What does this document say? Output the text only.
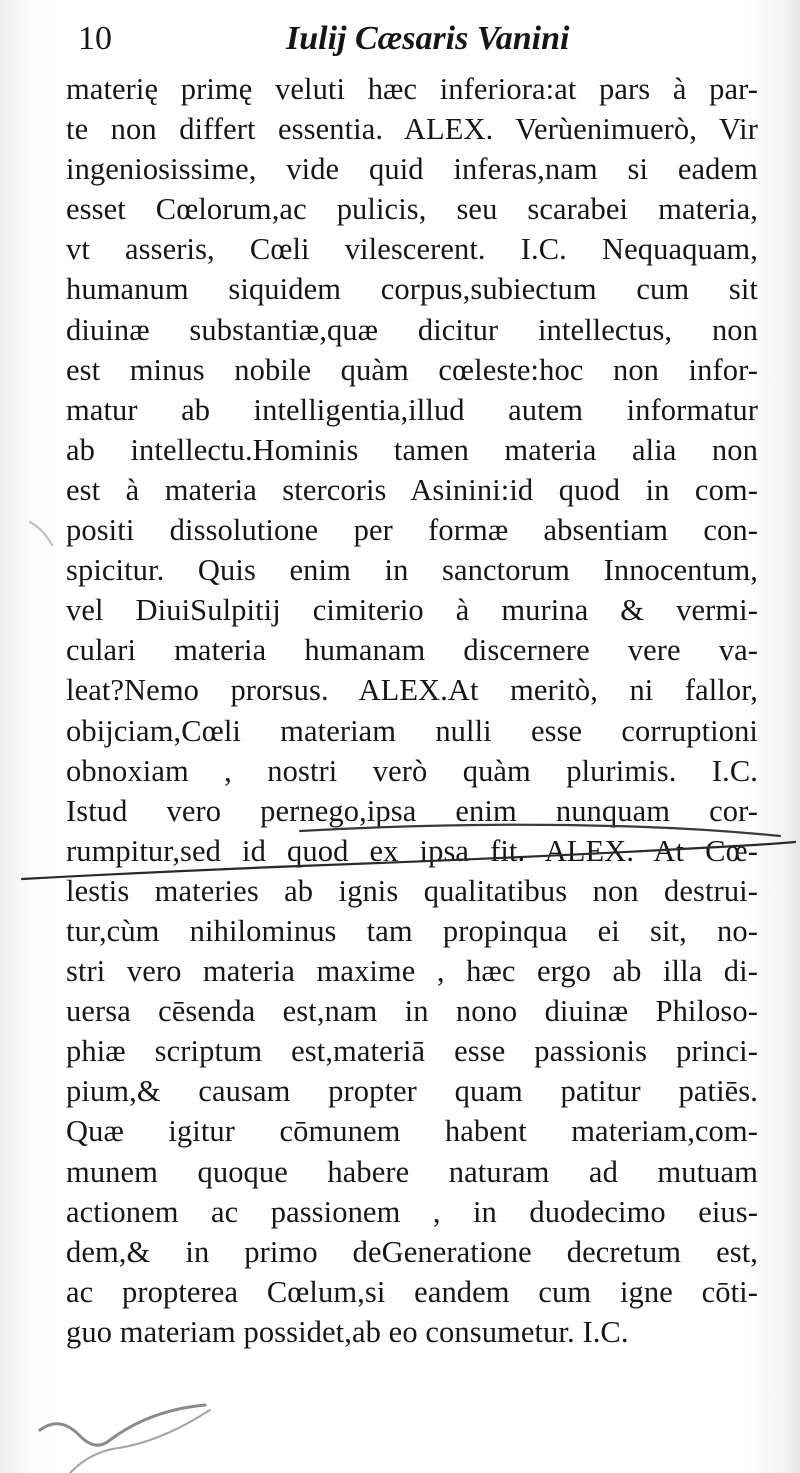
10	Iulij Cæsaris Vanini
materię primę veluti hæc inferiora:at pars à par-
te non differt essentia. ALEX. Verùenimuerò, Vir
ingeniosissime, vide quid inferas,nam si eadem
esset Cœlorum,ac pulicis, seu scarabei materia,
vt asseris, Cœli vilescerent. I.C. Nequaquam,
humanum siquidem corpus,subiectum cum sit
diuinæ substantiæ,quæ dicitur intellectus, non
est minus nobile quàm cœleste:hoc non infor-
matur ab intelligentia,illud autem informatur
ab intellectu.Hominis tamen materia alia non
est à materia stercoris Asinini:id quod in com-
positi dissolutione per formæ absentiam con-
spicitur. Quis enim in sanctorum Innocentum,
vel DiuiSulpitij cimiterio à murina & vermi-
culari materia humanam discernere vere va-
leat?Nemo prorsus. ALEX.At meritò, ni fallor,
obijciam,Cœli materiam nulli esse corruptioni
obnoxiam , nostri verò quàm plurimis. I.C.
Istud vero pernego,ipsa enim nunquam cor-
rumpitur,sed id quod ex ipsa fit. ALEX. At Cœ-
lestis materies ab ignis qualitatibus non destrui-
tur,cùm nihilominus tam propinqua ei sit, no-
stri vero materia maxime , hæc ergo ab illa di-
uersa cēsenda est,nam in nono diuinæ Philoso-
phiæ scriptum est,materiā esse passionis princi-
pium,& causam propter quam patitur patiēs.
Quæ igitur cōmunem habent materiam,com-
munem quoque habere naturam ad mutuam
actionem ac passionem , in duodecimo eius-
dem,& in primo deGeneratione decretum est,
ac propterea Cœlum,si eandem cum igne cōti-
guo materiam possidet,ab eo consumetur. I.C.
